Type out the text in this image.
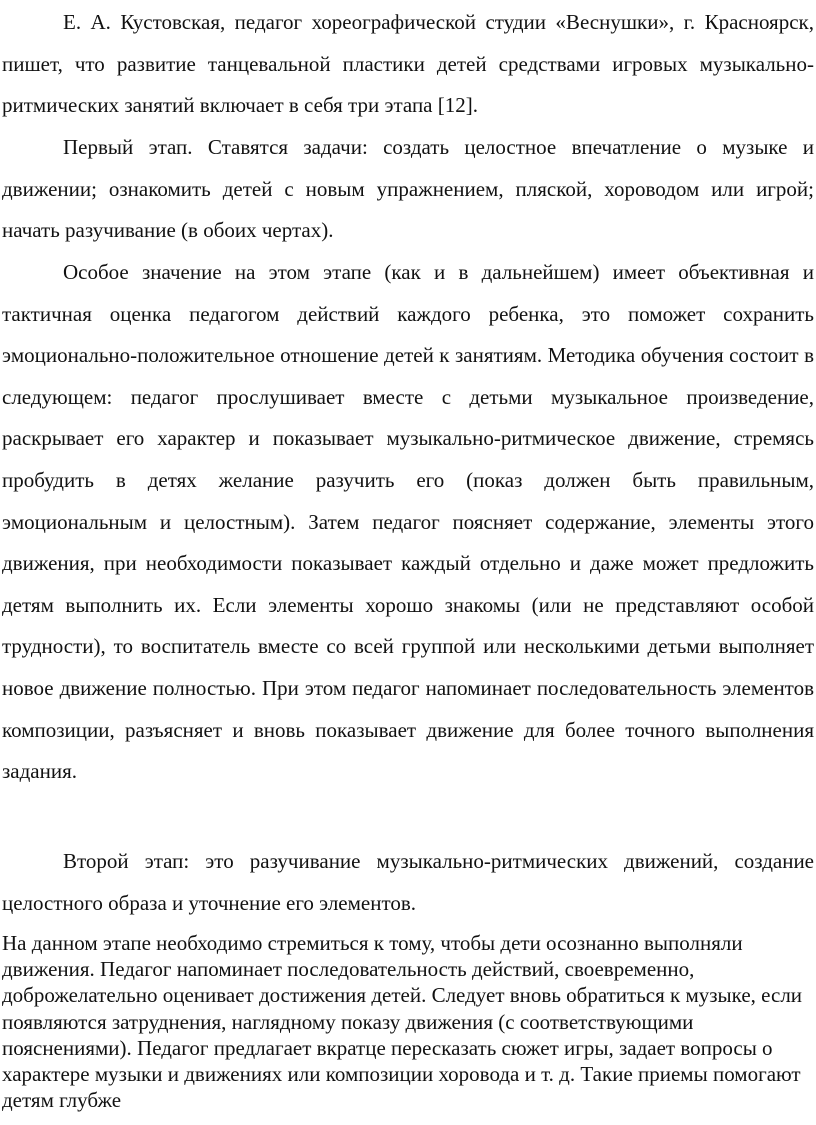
Е. А. Кустовская, педагог хореографической студии «Веснушки», г. Красноярск, пишет, что развитие танцевальной пластики детей средствами игровых музыкально-ритмических занятий включает в себя три этапа [12].

Первый этап. Ставятся задачи: создать целостное впечатление о музыке и движении; ознакомить детей с новым упражнением, пляской, хороводом или игрой; начать разучивание (в обоих чертах).

Особое значение на этом этапе (как и в дальнейшем) имеет объективная и тактичная оценка педагогом действий каждого ребенка, это поможет сохранить эмоционально-положительное отношение детей к занятиям. Методика обучения состоит в следующем: педагог прослушивает вместе с детьми музыкальное произведение, раскрывает его характер и показывает музыкально-ритмическое движение, стремясь пробудить в детях желание разучить его (показ должен быть правильным, эмоциональным и целостным). Затем педагог поясняет содержание, элементы этого движения, при необходимости показывает каждый отдельно и даже может предложить детям выполнить их. Если элементы хорошо знакомы (или не представляют особой трудности), то воспитатель вместе со всей группой или несколькими детьми выполняет новое движение полностью. При этом педагог напоминает последовательность элементов композиции, разъясняет и вновь показывает движение для более точного выполнения задания.

Второй этап: это разучивание музыкально-ритмических движений, создание целостного образа и уточнение его элементов.

На данном этапе необходимо стремиться к тому, чтобы дети осознанно выполняли движения. Педагог напоминает последовательность действий, своевременно, доброжелательно оценивает достижения детей. Следует вновь обратиться к музыке, если появляются затруднения, наглядному показу движения (с соответствующими пояснениями). Педагог предлагает вкратце пересказать сюжет игры, задает вопросы о характере музыки и движениях или композиции хоровода и т. д. Такие приемы помогают детям глубже
